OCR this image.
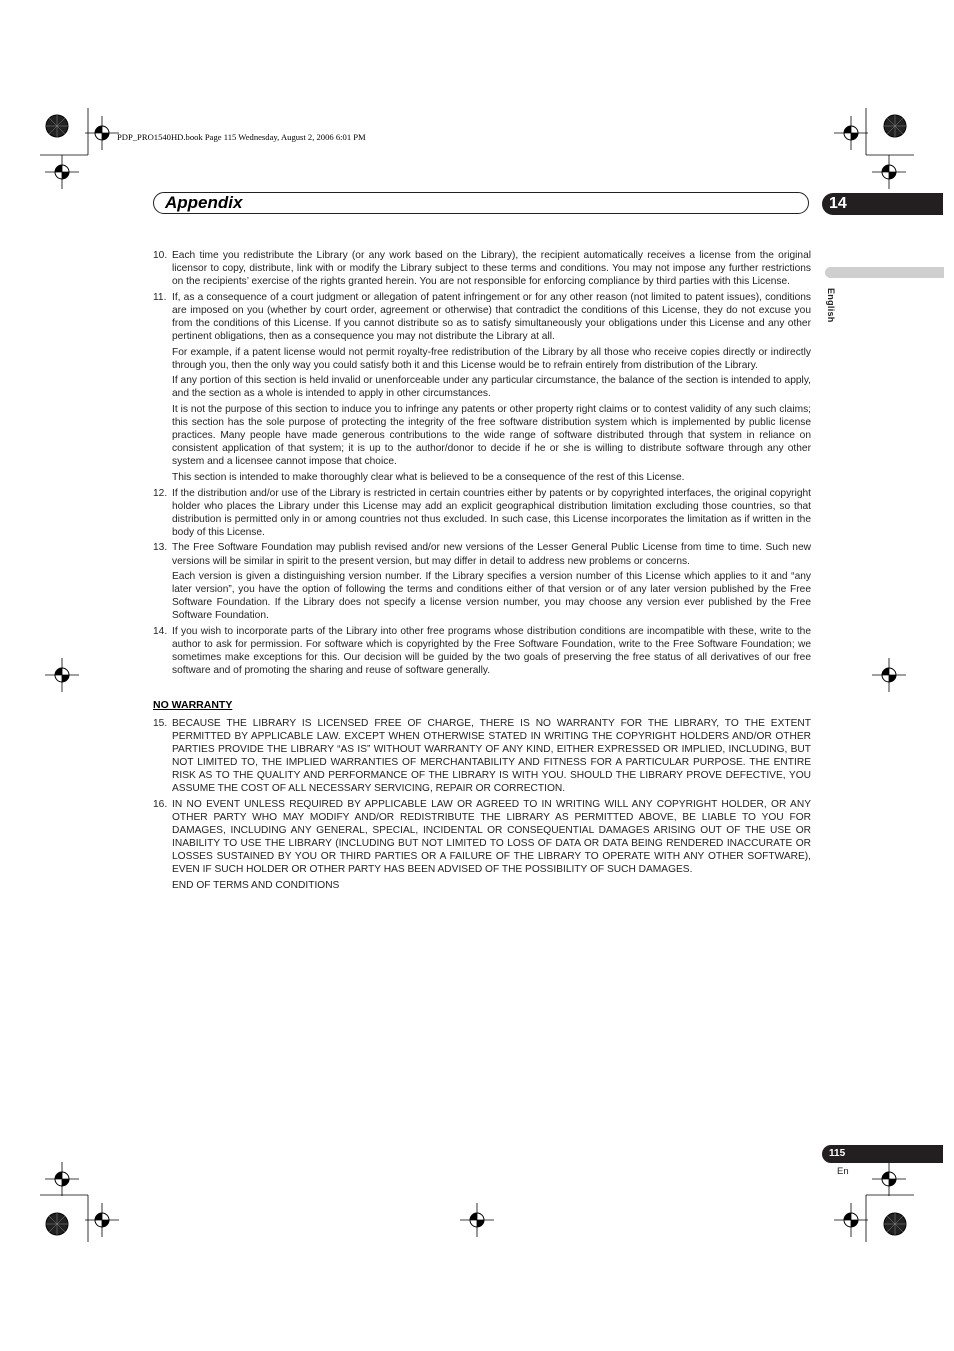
PDP_PRO1540HD.book Page 115 Wednesday, August 2, 2006 6:01 PM
Appendix	14
English
10. Each time you redistribute the Library (or any work based on the Library), the recipient automatically receives a license from the original licensor to copy, distribute, link with or modify the Library subject to these terms and conditions. You may not impose any further restrictions on the recipients’ exercise of the rights granted herein. You are not responsible for enforcing compliance by third parties with this License.
11. If, as a consequence of a court judgment or allegation of patent infringement or for any other reason (not limited to patent issues), conditions are imposed on you (whether by court order, agreement or otherwise) that contradict the conditions of this License, they do not excuse you from the conditions of this License. If you cannot distribute so as to satisfy simultaneously your obligations under this License and any other pertinent obligations, then as a consequence you may not distribute the Library at all.
For example, if a patent license would not permit royalty-free redistribution of the Library by all those who receive copies directly or indirectly through you, then the only way you could satisfy both it and this License would be to refrain entirely from distribution of the Library.
If any portion of this section is held invalid or unenforceable under any particular circumstance, the balance of the section is intended to apply, and the section as a whole is intended to apply in other circumstances.
It is not the purpose of this section to induce you to infringe any patents or other property right claims or to contest validity of any such claims; this section has the sole purpose of protecting the integrity of the free software distribution system which is implemented by public license practices. Many people have made generous contributions to the wide range of software distributed through that system in reliance on consistent application of that system; it is up to the author/donor to decide if he or she is willing to distribute software through any other system and a licensee cannot impose that choice.
This section is intended to make thoroughly clear what is believed to be a consequence of the rest of this License.
12. If the distribution and/or use of the Library is restricted in certain countries either by patents or by copyrighted interfaces, the original copyright holder who places the Library under this License may add an explicit geographical distribution limitation excluding those countries, so that distribution is permitted only in or among countries not thus excluded. In such case, this License incorporates the limitation as if written in the body of this License.
13. The Free Software Foundation may publish revised and/or new versions of the Lesser General Public License from time to time. Such new versions will be similar in spirit to the present version, but may differ in detail to address new problems or concerns.
Each version is given a distinguishing version number. If the Library specifies a version number of this License which applies to it and “any later version”, you have the option of following the terms and conditions either of that version or of any later version published by the Free Software Foundation. If the Library does not specify a license version number, you may choose any version ever published by the Free Software Foundation.
14. If you wish to incorporate parts of the Library into other free programs whose distribution conditions are incompatible with these, write to the author to ask for permission. For software which is copyrighted by the Free Software Foundation, write to the Free Software Foundation; we sometimes make exceptions for this. Our decision will be guided by the two goals of preserving the free status of all derivatives of our free software and of promoting the sharing and reuse of software generally.
NO WARRANTY
15. BECAUSE THE LIBRARY IS LICENSED FREE OF CHARGE, THERE IS NO WARRANTY FOR THE LIBRARY, TO THE EXTENT PERMITTED BY APPLICABLE LAW. EXCEPT WHEN OTHERWISE STATED IN WRITING THE COPYRIGHT HOLDERS AND/OR OTHER PARTIES PROVIDE THE LIBRARY “AS IS” WITHOUT WARRANTY OF ANY KIND, EITHER EXPRESSED OR IMPLIED, INCLUDING, BUT NOT LIMITED TO, THE IMPLIED WARRANTIES OF MERCHANTABILITY AND FITNESS FOR A PARTICULAR PURPOSE. THE ENTIRE RISK AS TO THE QUALITY AND PERFORMANCE OF THE LIBRARY IS WITH YOU. SHOULD THE LIBRARY PROVE DEFECTIVE, YOU ASSUME THE COST OF ALL NECESSARY SERVICING, REPAIR OR CORRECTION.
16. IN NO EVENT UNLESS REQUIRED BY APPLICABLE LAW OR AGREED TO IN WRITING WILL ANY COPYRIGHT HOLDER, OR ANY OTHER PARTY WHO MAY MODIFY AND/OR REDISTRIBUTE THE LIBRARY AS PERMITTED ABOVE, BE LIABLE TO YOU FOR DAMAGES, INCLUDING ANY GENERAL, SPECIAL, INCIDENTAL OR CONSEQUENTIAL DAMAGES ARISING OUT OF THE USE OR INABILITY TO USE THE LIBRARY (INCLUDING BUT NOT LIMITED TO LOSS OF DATA OR DATA BEING RENDERED INACCURATE OR LOSSES SUSTAINED BY YOU OR THIRD PARTIES OR A FAILURE OF THE LIBRARY TO OPERATE WITH ANY OTHER SOFTWARE), EVEN IF SUCH HOLDER OR OTHER PARTY HAS BEEN ADVISED OF THE POSSIBILITY OF SUCH DAMAGES.
END OF TERMS AND CONDITIONS
115
En
